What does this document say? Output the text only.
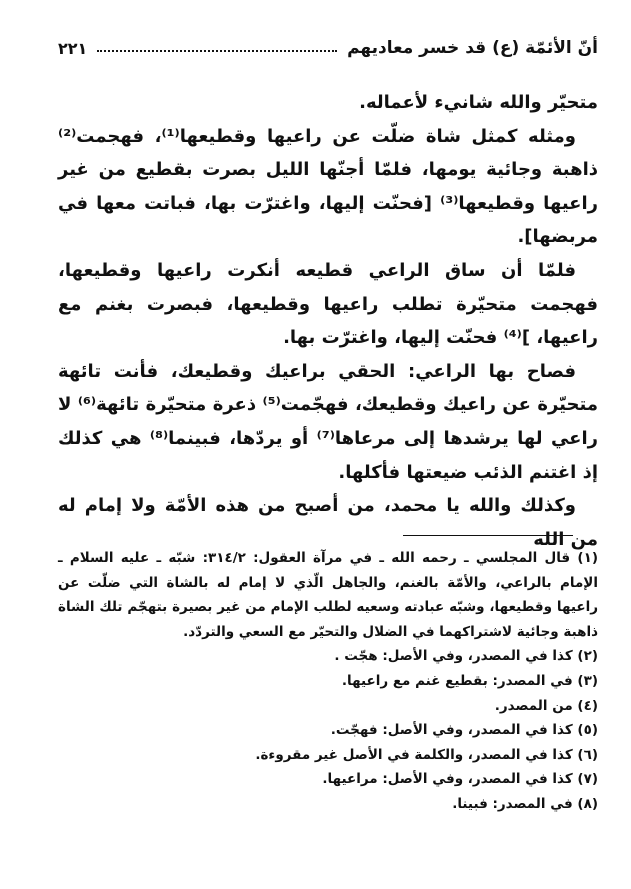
أنّ الأئمّة (ع) قد خسر معاديهم
٢٢١

متحيّر والله شانيء لأعماله.

ومثله كمثل شاة ضلّت عن راعيها وقطيعها⁽¹⁾، فهجمت⁽²⁾ ذاهبة وجائية يومها، فلمّا أجنّها الليل بصرت بقطيع من غير راعيها وقطيعها⁽³⁾ [فحنّت إليها، واغترّت بها، فباتت معها في مربضها].

فلمّا أن ساق الراعي قطيعه أنكرت راعيها وقطيعها، فهجمت متحيّرة تطلب راعيها وقطيعها، فبصرت بغنم مع راعيها، ]⁽⁴⁾ فحنّت إليها، واغترّت بها.

فصاح بها الراعي: الحقي براعيك وقطيعك، فأنت تائهة متحيّرة عن راعيك وقطيعك، فهجّمت⁽⁵⁾ ذعرة متحيّرة تائهة⁽⁶⁾ لا راعي لها يرشدها إلى مرعاها⁽⁷⁾ أو يردّها، فبينما⁽⁸⁾ هي كذلك إذ اغتنم الذئب ضيعتها فأكلها.

وكذلك والله يا محمد، من أصبح من هذه الأمّة ولا إمام له من الله

(١) قال المجلسي ـ رحمه الله ـ في مرآة العقول: ٣١٤/٢: شبّه ـ عليه السلام ـ الإمام بالراعي، والأمّة بالغنم، والجاهل الّذي لا إمام له بالشاة التي ضلّت عن راعيها وقطيعها، وشبّه عبادته وسعيه لطلب الإمام من غير بصيرة بتهجّم تلك الشاة ذاهبة وجائية لاشتراكهما في الضلال والتحيّر مع السعي والتردّد.

(٢) كذا في المصدر، وفي الأصل: هجّت .

(٣) في المصدر: بقطيع غنم مع راعيها.

(٤) من المصدر.

(٥) كذا في المصدر، وفي الأصل: فهجّت.

(٦) كذا في المصدر، والكلمة في الأصل غير مقروءة.

(٧) كذا في المصدر، وفي الأصل: مراعيها.

(٨) في المصدر: فبينا.
